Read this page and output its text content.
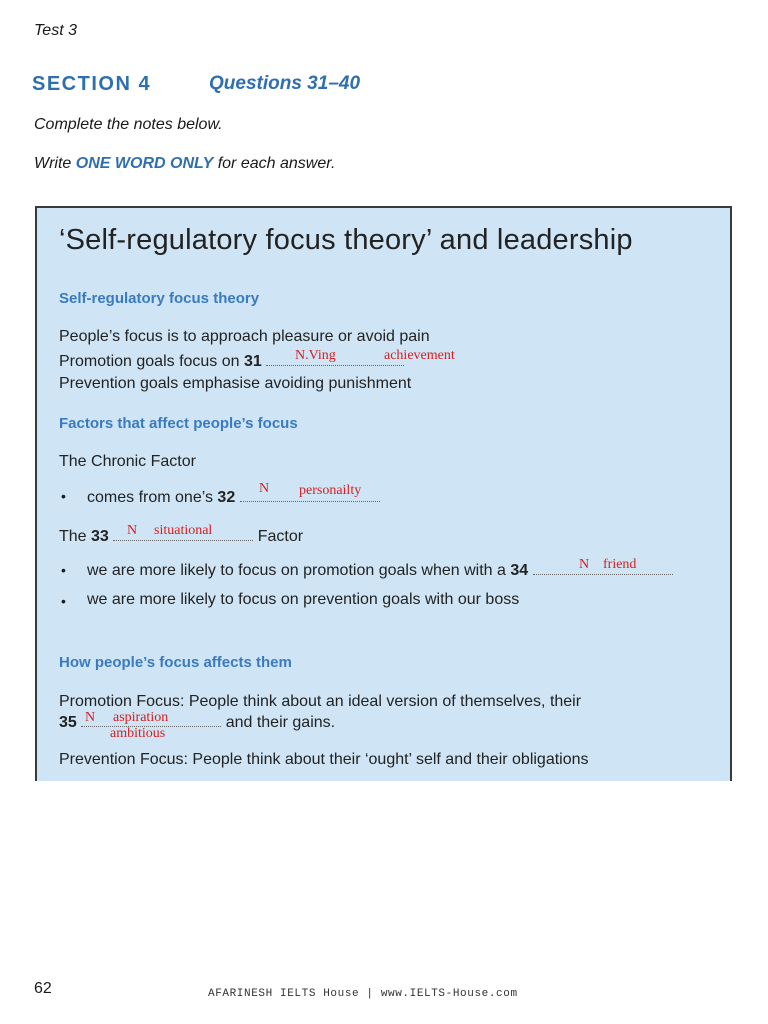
Test 3
SECTION 4	Questions 31–40
Complete the notes below.
Write ONE WORD ONLY for each answer.
‘Self-regulatory focus theory’ and leadership
Self-regulatory focus theory
People’s focus is to approach pleasure or avoid pain
Promotion goals focus on 31	N.Ving	achievement
Prevention goals emphasise avoiding punishment
Factors that affect people’s focus
The Chronic Factor
• comes from one’s 32
N personailty
The 33	Factor
N situational
• we are more likely to focus on promotion goals when with a 34	N friend
• we are more likely to focus on prevention goals with our boss
How people’s focus affects them
Promotion Focus: People think about an ideal version of themselves, their
35	and their gains.
N aspiration
ambitious
Prevention Focus: People think about their ‘ought’ self and their obligations
62	AFARINESH IELTS House | www.IELTS-House.com
